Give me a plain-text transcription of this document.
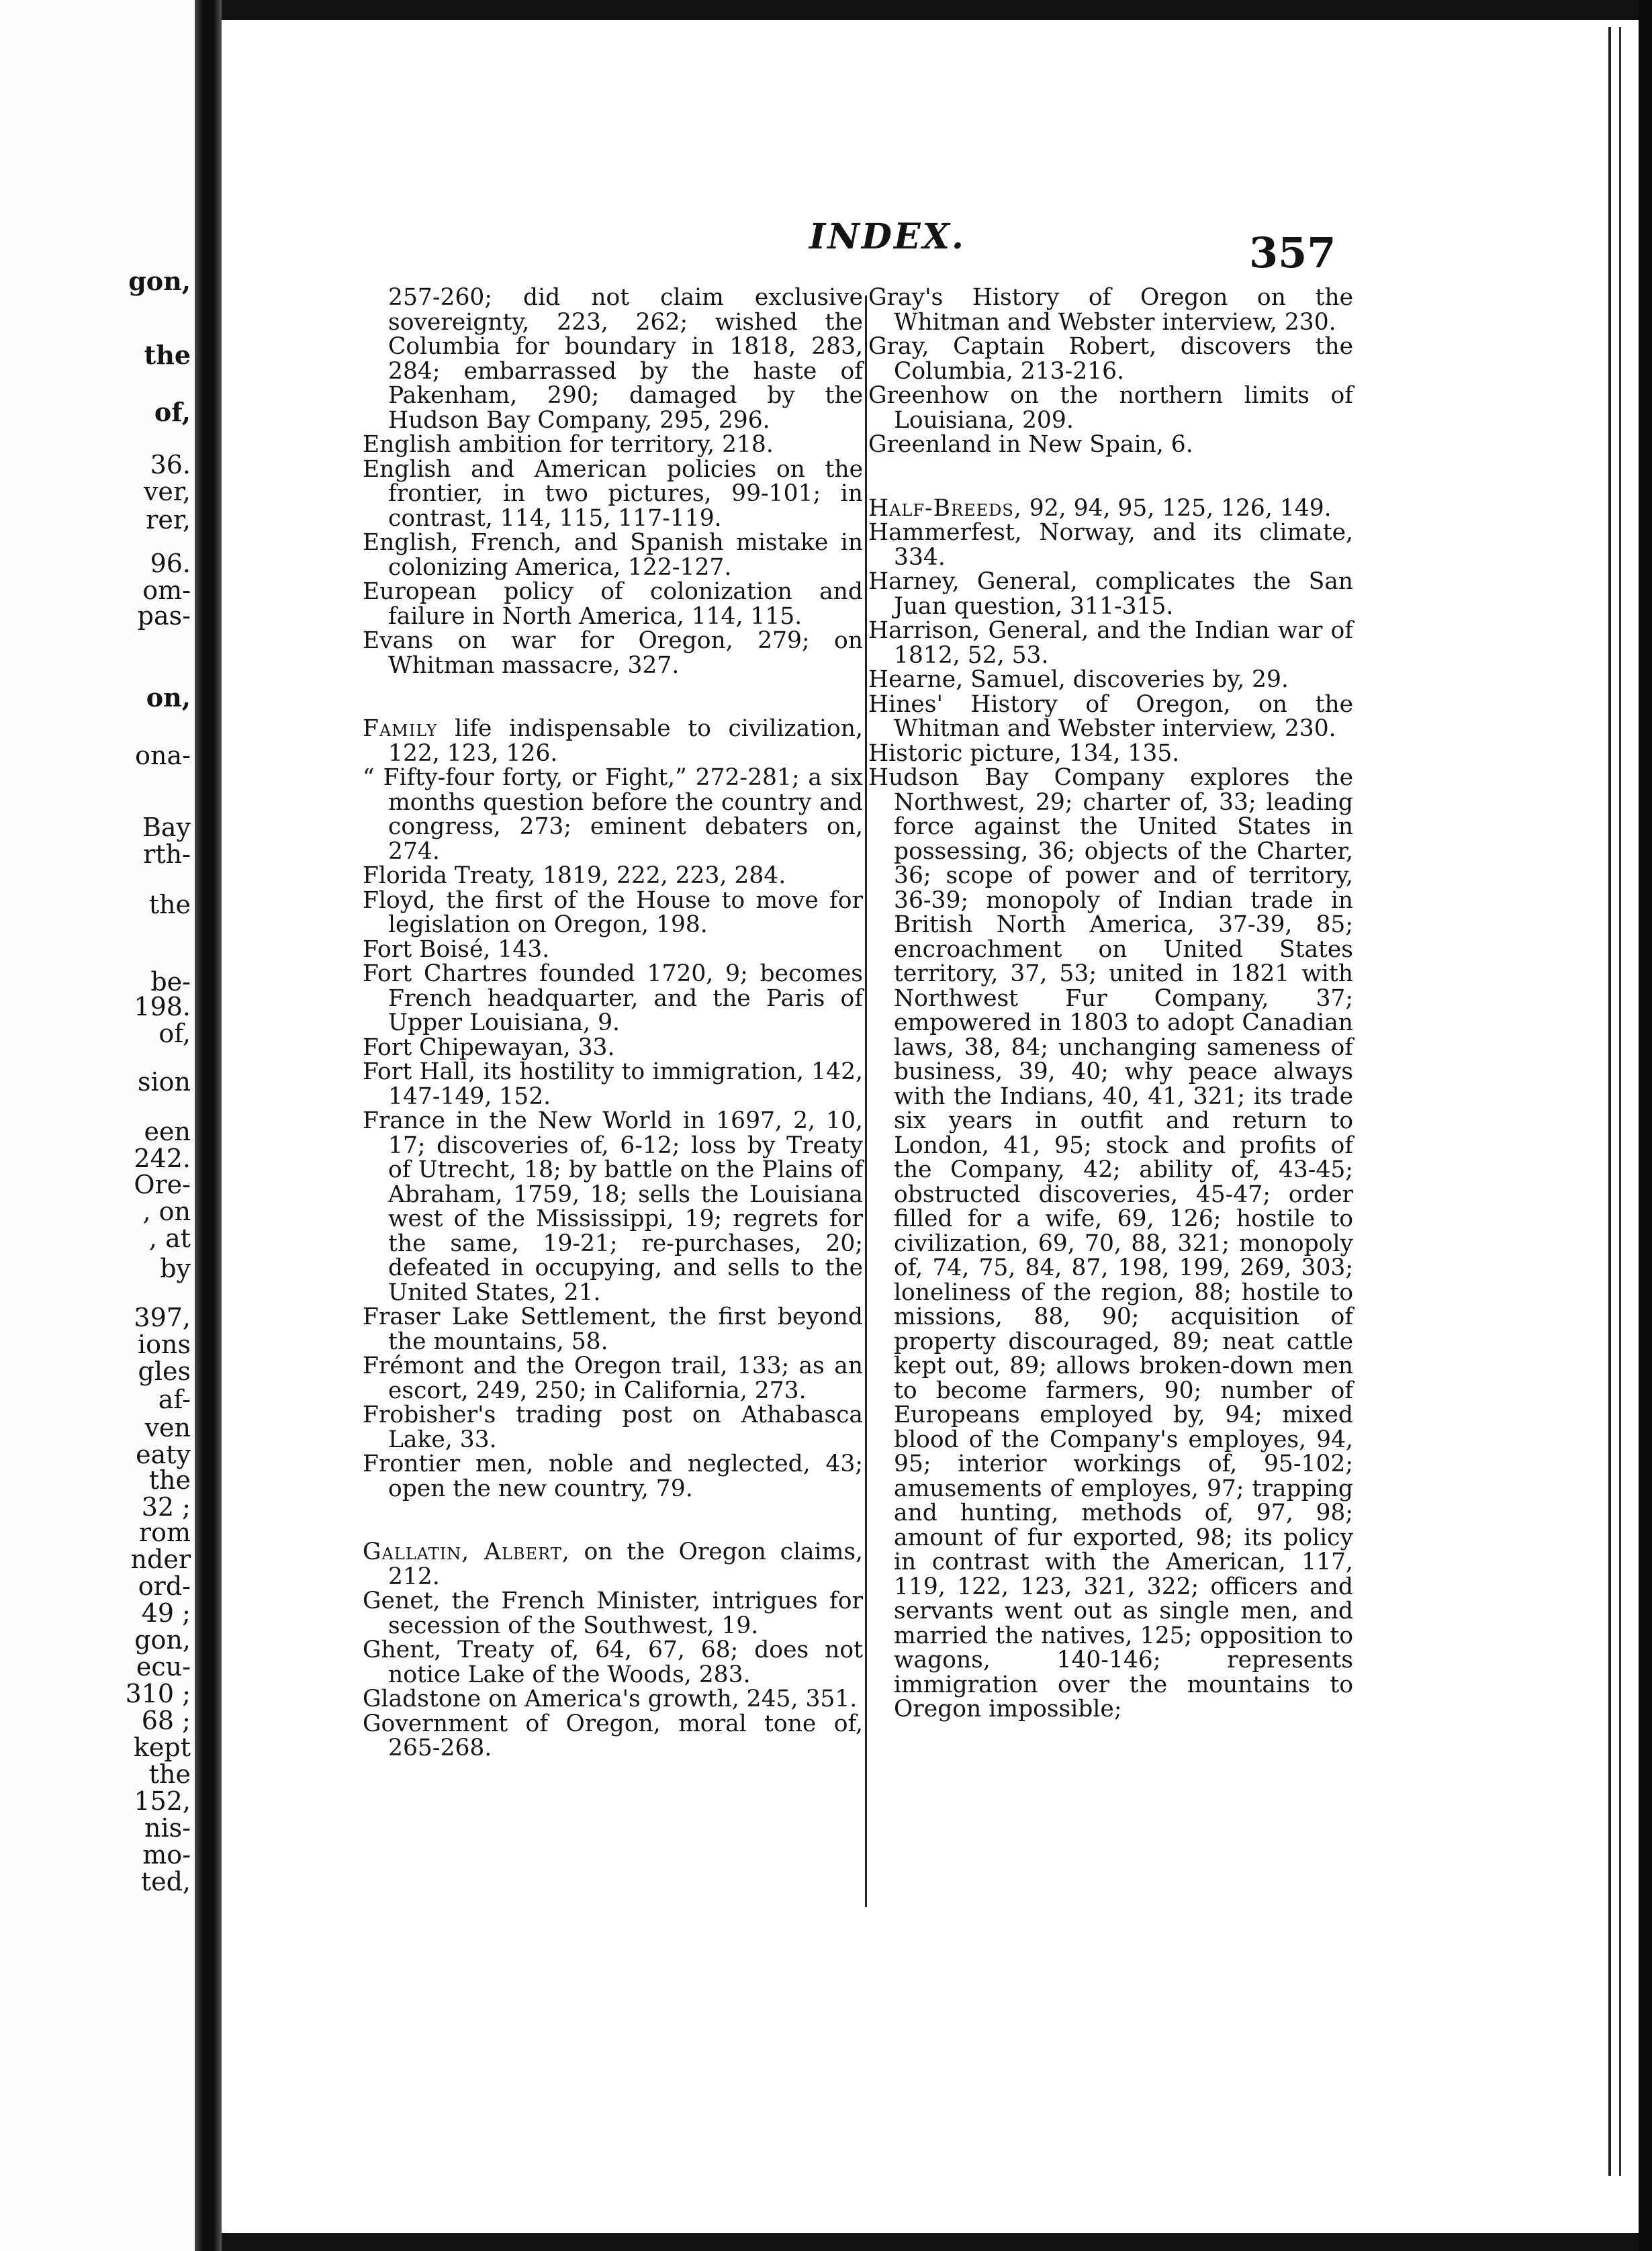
gon,
the
of,
36.
ver,
rer,
96.
om-
pas-
on,
ona-
Bay
rth-
the
be-
198.
of,
sion
een
242.
Ore-
, on
, at
by
397,
ions
gles
af-
ven
eaty
the
32 ;
rom
nder
ord-
49 ;
gon,
ecu-
310 ;
68 ;
kept
the
152,
nis-
mo-
ted,
INDEX.	357

257-260; did not claim exclusive sovereignty, 223, 262; wished the Columbia for boundary in 1818, 283, 284; embarrassed by the haste of Pakenham, 290; damaged by the Hudson Bay Company, 295, 296.

English ambition for territory, 218.

English and American policies on the frontier, in two pictures, 99-101; in contrast, 114, 115, 117-119.

English, French, and Spanish mistake in colonizing America, 122-127.

European policy of colonization and failure in North America, 114, 115.

Evans on war for Oregon, 279; on Whitman massacre, 327.

Family life indispensable to civilization, 122, 123, 126.

“ Fifty-four forty, or Fight,” 272-281; a six months question before the country and congress, 273; eminent debaters on, 274.

Florida Treaty, 1819, 222, 223, 284.

Floyd, the first of the House to move for legislation on Oregon, 198.

Fort Boisé, 143.

Fort Chartres founded 1720, 9; becomes French headquarter, and the Paris of Upper Louisiana, 9.

Fort Chipewayan, 33.

Fort Hall, its hostility to immigration, 142, 147-149, 152.

France in the New World in 1697, 2, 10, 17; discoveries of, 6-12; loss by Treaty of Utrecht, 18; by battle on the Plains of Abraham, 1759, 18; sells the Louisiana west of the Mississippi, 19; regrets for the same, 19-21; re-purchases, 20; defeated in occupying, and sells to the United States, 21.

Fraser Lake Settlement, the first beyond the mountains, 58.

Frémont and the Oregon trail, 133; as an escort, 249, 250; in California, 273.

Frobisher's trading post on Athabasca Lake, 33.

Frontier men, noble and neglected, 43; open the new country, 79.

Gallatin, Albert, on the Oregon claims, 212.

Genet, the French Minister, intrigues for secession of the Southwest, 19.

Ghent, Treaty of, 64, 67, 68; does not notice Lake of the Woods, 283.

Gladstone on America's growth, 245, 351.

Government of Oregon, moral tone of, 265-268.

Gray's History of Oregon on the Whitman and Webster interview, 230.

Gray, Captain Robert, discovers the Columbia, 213-216.

Greenhow on the northern limits of Louisiana, 209.

Greenland in New Spain, 6.

Half-Breeds, 92, 94, 95, 125, 126, 149.

Hammerfest, Norway, and its climate, 334.

Harney, General, complicates the San Juan question, 311-315.

Harrison, General, and the Indian war of 1812, 52, 53.

Hearne, Samuel, discoveries by, 29.

Hines' History of Oregon, on the Whitman and Webster interview, 230.

Historic picture, 134, 135.

Hudson Bay Company explores the Northwest, 29; charter of, 33; leading force against the United States in possessing, 36; objects of the Charter, 36; scope of power and of territory, 36-39; monopoly of Indian trade in British North America, 37-39, 85; encroachment on United States territory, 37, 53; united in 1821 with Northwest Fur Company, 37; empowered in 1803 to adopt Canadian laws, 38, 84; unchanging sameness of business, 39, 40; why peace always with the Indians, 40, 41, 321; its trade six years in outfit and return to London, 41, 95; stock and profits of the Company, 42; ability of, 43-45; obstructed discoveries, 45-47; order filled for a wife, 69, 126; hostile to civilization, 69, 70, 88, 321; monopoly of, 74, 75, 84, 87, 198, 199, 269, 303; loneliness of the region, 88; hostile to missions, 88, 90; acquisition of property discouraged, 89; neat cattle kept out, 89; allows broken-down men to become farmers, 90; number of Europeans employed by, 94; mixed blood of the Company's employes, 94, 95; interior workings of, 95-102; amusements of employes, 97; trapping and hunting, methods of, 97, 98; amount of fur exported, 98; its policy in contrast with the American, 117, 119, 122, 123, 321, 322; officers and servants went out as single men, and married the natives, 125; opposition to wagons, 140-146; represents immigration over the mountains to Oregon impossible;
